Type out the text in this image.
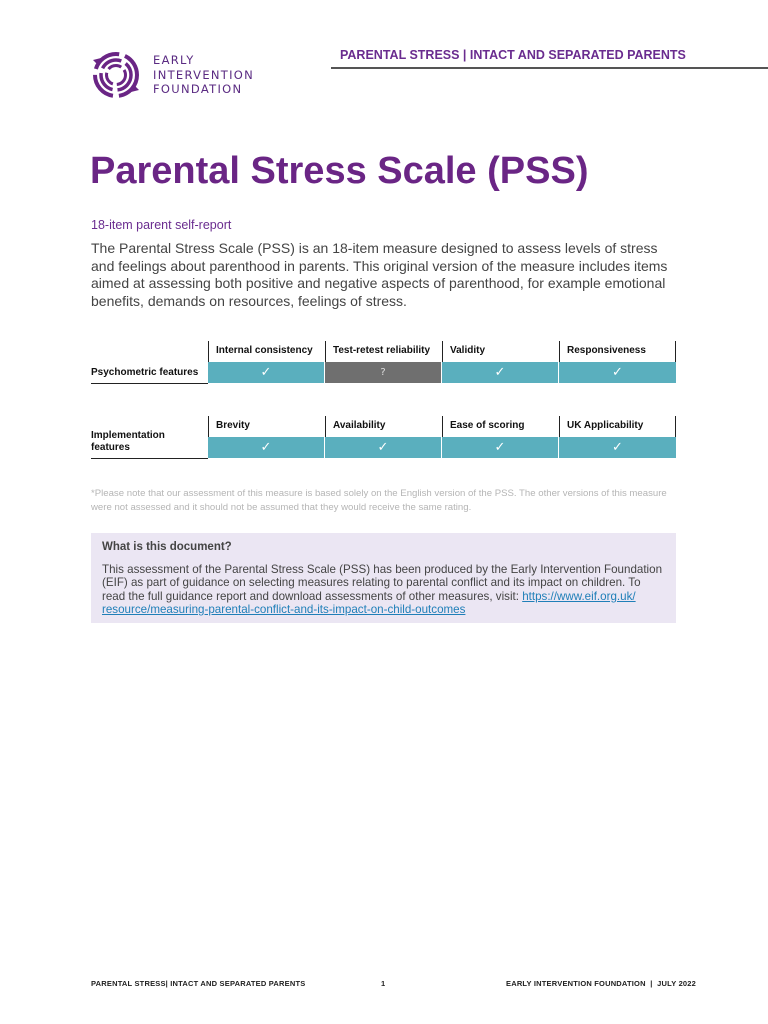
EARLY
INTERVENTION
FOUNDATION
PARENTAL STRESS | INTACT AND SEPARATED PARENTS
Parental Stress Scale (PSS)
18-item parent self-report

The Parental Stress Scale (PSS) is an 18-item measure designed to assess levels of stress and feelings about parenthood in parents. This original version of the measure includes items aimed at assessing both positive and negative aspects of parenthood, for example emotional benefits, demands on resources, feelings of stress.

Internal consistency	Test-retest reliability	Validity	Responsiveness
Psychometric features	✓	?	✓	✓
Brevity	Availability	Ease of scoring	UK Applicability
Implementation features	✓	✓	✓	✓

*Please note that our assessment of this measure is based solely on the English version of the PSS. The other versions of this measure were not assessed and it should not be assumed that they would receive the same rating.

What is this document?

This assessment of the Parental Stress Scale (PSS) has been produced by the Early Intervention Foundation (EIF) as part of guidance on selecting measures relating to parental conflict and its impact on children. To read the full guidance report and download assessments of other measures, visit: https://www.eif.org.uk/
resource/measuring-parental-conflict-and-its-impact-on-child-outcomes

PARENTAL STRESS| INTACT AND SEPARATED PARENTS	1	EARLY INTERVENTION FOUNDATION  |  JULY 2022
